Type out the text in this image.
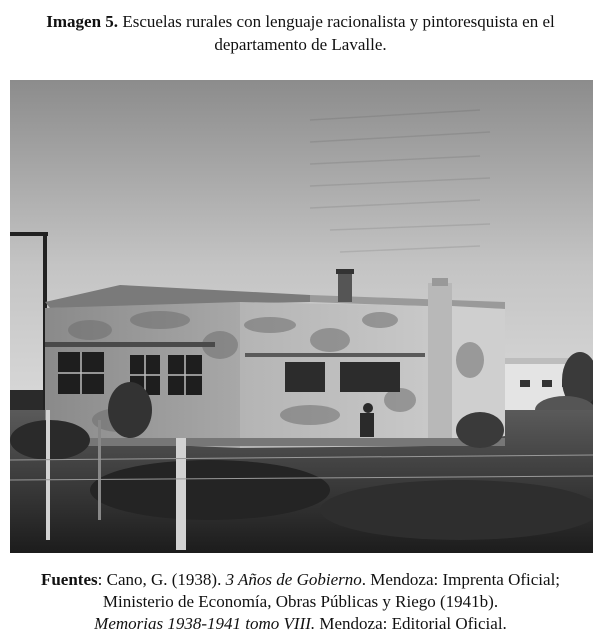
Imagen 5. Escuelas rurales con lenguaje racionalista y pintoresquista en el
departamento de Lavalle.
Fuentes: Cano, G. (1938). 3 Años de Gobierno. Mendoza: Imprenta Oficial;
Ministerio de Economía, Obras Públicas y Riego (1941b).
Memorias 1938-1941 tomo VIII. Mendoza: Editorial Oficial.
